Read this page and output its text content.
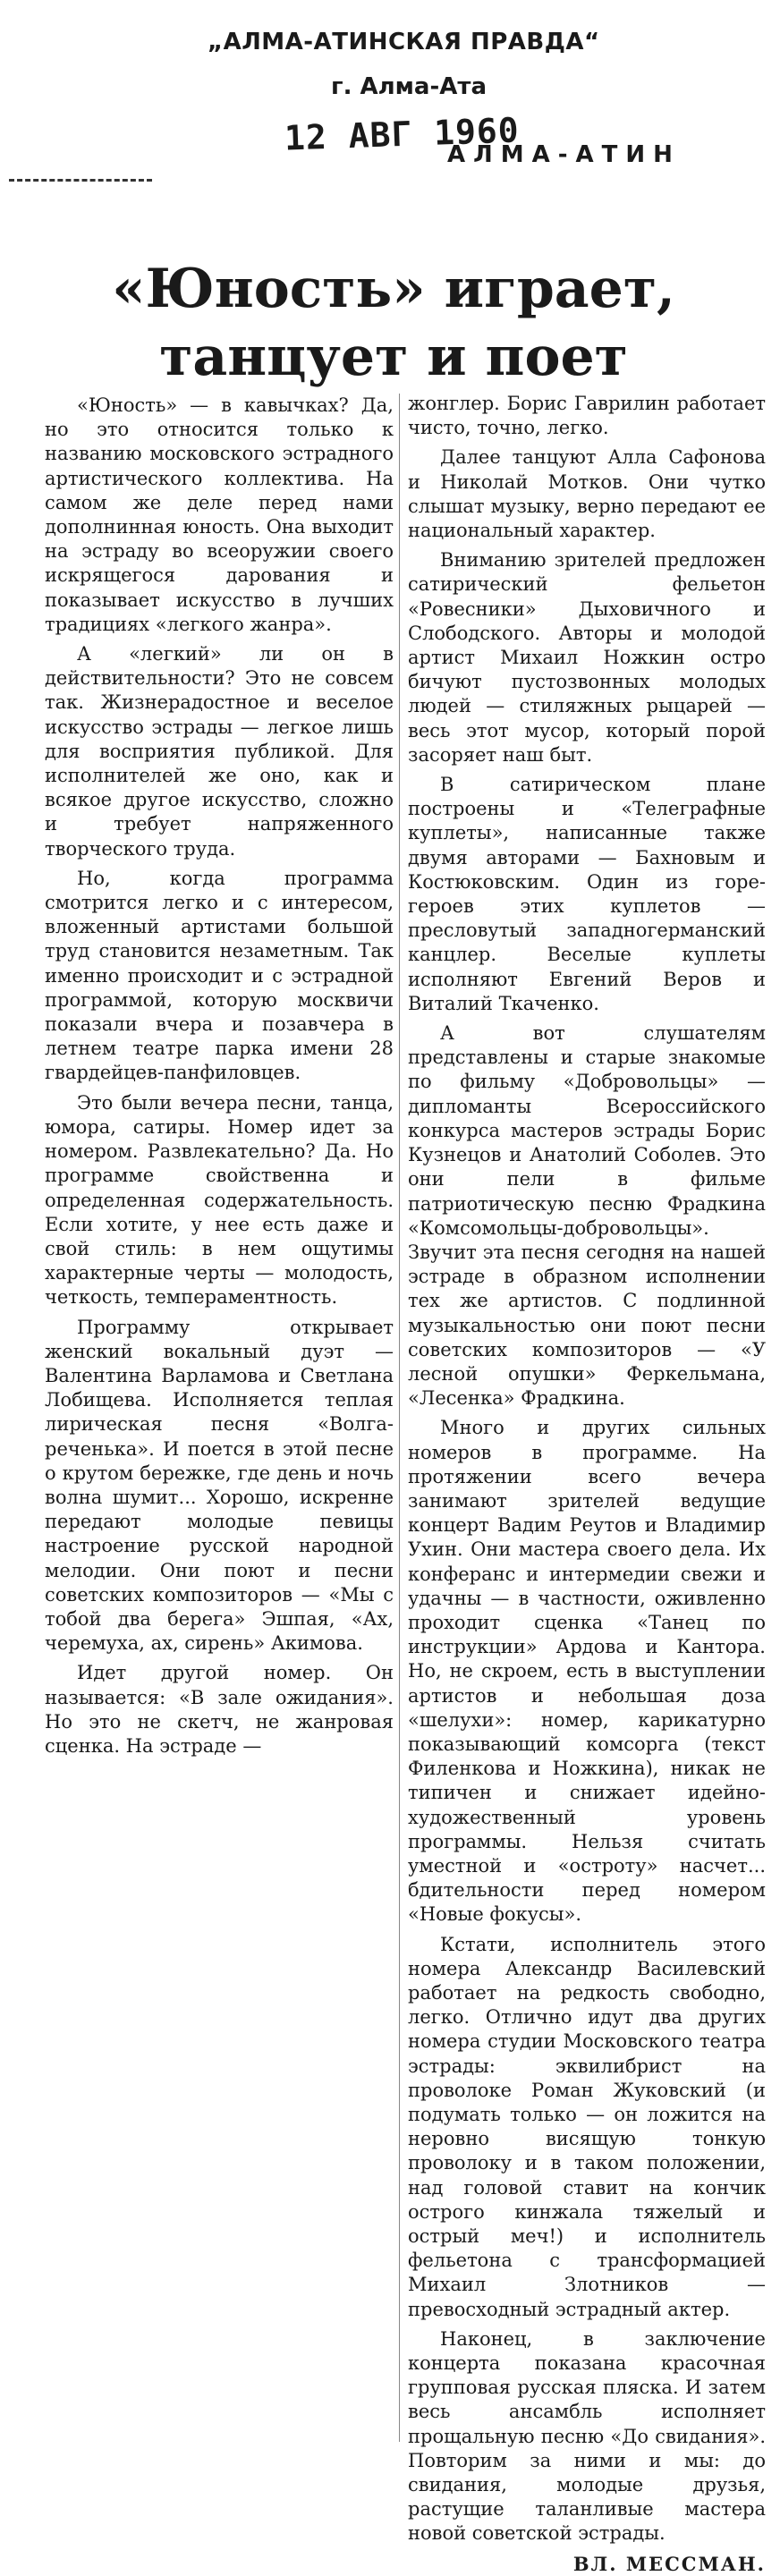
„АЛМА-АТИНСКАЯ ПРАВДА“

г. Алма-Ата

12 АВГ 1960

АЛМА-АТИН

«Юность» играет, танцует и поет

«Юность» — в кавычках? Да, но это относится только к названию московского эстрадного артистического коллектива. На самом же деле перед нами дополнинная юность. Она выходит на эстраду во всеоружии своего искрящегося дарования и показывает искусство в лучших традициях «легкого жанра».

А «легкий» ли он в действительности? Это не совсем так. Жизнерадостное и веселое искусство эстрады — легкое лишь для восприятия публикой. Для исполнителей же оно, как и всякое другое искусство, сложно и требует напряженного творческого труда.

Но, когда программа смотрится легко и с интересом, вложенный артистами большой труд становится незаметным. Так именно происходит и с эстрадной программой, которую москвичи показали вчера и позавчера в летнем театре парка имени 28 гвардейцев-панфиловцев.

Это были вечера песни, танца, юмора, сатиры. Номер идет за номером. Развлекательно? Да. Но программе свойственна и определенная содержательность. Если хотите, у нее есть даже и свой стиль: в нем ощутимы характерные черты — молодость, четкость, темпераментность.

Программу открывает женский вокальный дуэт — Валентина Варламова и Светлана Лобищева. Исполняется теплая лирическая песня «Волга-реченька». И поется в этой песне о крутом бережке, где день и ночь волна шумит... Хорошо, искренне передают молодые певицы настроение русской народной мелодии. Они поют и песни советских композиторов — «Мы с тобой два берега» Эшпая, «Ах, черемуха, ах, сирень» Акимова.

Идет другой номер. Он называется: «В зале ожидания». Но это не скетч, не жанровая сценка. На эстраде —

жонглер. Борис Гаврилин работает чисто, точно, легко.

Далее танцуют Алла Сафонова и Николай Мотков. Они чутко слышат музыку, верно передают ее национальный характер.

Вниманию зрителей предложен сатирический фельетон «Ровесники» Дыховичного и Слободского. Авторы и молодой артист Михаил Ножкин остро бичуют пустозвонных молодых людей — стиляжных рыцарей — весь этот мусор, который порой засоряет наш быт.

В сатирическом плане построены и «Телеграфные куплеты», написанные также двумя авторами — Бахновым и Костюковским. Один из горе-героев этих куплетов — пресловутый западногерманский канцлер. Веселые куплеты исполняют Евгений Веров и Виталий Ткаченко.

А вот слушателям представлены и старые знакомые по фильму «Добровольцы» — дипломанты Всероссийского конкурса мастеров эстрады Борис Кузнецов и Анатолий Соболев. Это они пели в фильме патриотическую песню Фрадкина «Комсомольцы-добровольцы». Звучит эта песня сегодня на нашей эстраде в образном исполнении тех же артистов. С подлинной музыкальностью они поют песни советских композиторов — «У лесной опушки» Феркельмана, «Лесенка» Фрадкина.

Много и других сильных номеров в программе. На протяжении всего вечера занимают зрителей ведущие концерт Вадим Реутов и Владимир Ухин. Они мастера своего дела. Их конферанс и интермедии свежи и удачны — в частности, оживленно проходит сценка «Танец по инструкции» Ардова и Кантора. Но, не скроем, есть в выступлении артистов и небольшая доза «шелухи»: номер, карикатурно показывающий комсорга (текст Филенкова и Ножкина), никак не типичен и снижает идейно-художественный уровень программы. Нельзя считать уместной и «остроту» насчет... бдительности перед номером «Новые фокусы».

Кстати, исполнитель этого номера Александр Василевский работает на редкость свободно, легко. Отлично идут два других номера студии Московского театра эстрады: эквилибрист на проволоке Роман Жуковский (и подумать только — он ложится на неровно висящую тонкую проволоку и в таком положении, над головой ставит на кончик острого кинжала тяжелый и острый меч!) и исполнитель фельетона с трансформацией Михаил Злотников — превосходный эстрадный актер.

Наконец, в заключение концерта показана красочная групповая русская пляска. И затем весь ансамбль исполняет прощальную песню «До свидания». Повторим за ними и мы: до свидания, молодые друзья, растущие таланливые мастера новой советской эстрады.

ВЛ. МЕССМАН.
